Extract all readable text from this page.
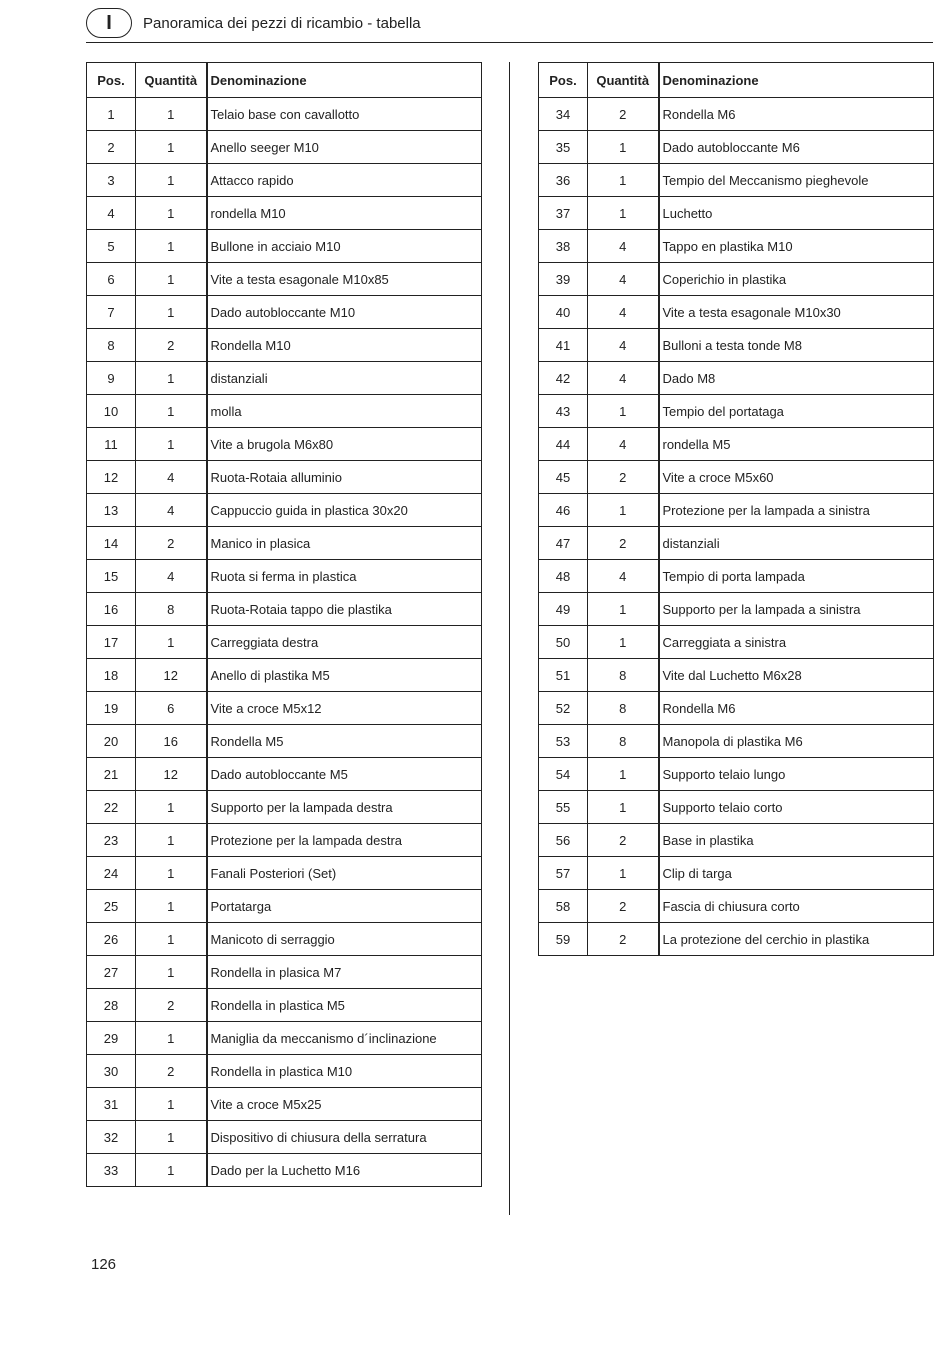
I	Panoramica dei pezzi di ricambio - tabella
Pos.	Quantità	Denominazione
1	1	Telaio base con cavallotto
2	1	Anello seeger M10
3	1	Attacco rapido
4	1	rondella M10
5	1	Bullone in acciaio M10
6	1	Vite a testa esagonale M10x85
7	1	Dado autobloccante M10
8	2	Rondella M10
9	1	distanziali
10	1	molla
11	1	Vite a brugola M6x80
12	4	Ruota-Rotaia alluminio
13	4	Cappuccio guida in plastica 30x20
14	2	Manico in plasica
15	4	Ruota si ferma in plastica
16	8	Ruota-Rotaia tappo die plastika
17	1	Carreggiata destra
18	12	Anello di plastika M5
19	6	Vite a croce M5x12
20	16	Rondella M5
21	12	Dado autobloccante M5
22	1	Supporto per la lampada destra
23	1	Protezione per la lampada destra
24	1	Fanali Posteriori (Set)
25	1	Portatarga
26	1	Manicoto di serraggio
27	1	Rondella in plasica M7
28	2	Rondella in plastica M5
29	1	Maniglia da meccanismo d´inclinazione
30	2	Rondella in plastica M10
31	1	Vite a croce M5x25
32	1	Dispositivo di chiusura della serratura
33	1	Dado per la Luchetto M16
Pos.	Quantità	Denominazione
34	2	Rondella M6
35	1	Dado autobloccante M6
36	1	Tempio del Meccanismo pieghevole
37	1	Luchetto
38	4	Tappo en plastika M10
39	4	Coperichio in plastika
40	4	Vite a testa esagonale M10x30
41	4	Bulloni a testa tonde M8
42	4	Dado M8
43	1	Tempio del portataga
44	4	rondella M5
45	2	Vite a croce M5x60
46	1	Protezione per la lampada a sinistra
47	2	distanziali
48	4	Tempio di porta lampada
49	1	Supporto per la lampada a sinistra
50	1	Carreggiata a sinistra
51	8	Vite dal Luchetto M6x28
52	8	Rondella M6
53	8	Manopola di plastika M6
54	1	Supporto telaio lungo
55	1	Supporto telaio corto
56	2	Base in plastika
57	1	Clip di targa
58	2	Fascia di chiusura corto
59	2	La protezione del cerchio in plastika
126
